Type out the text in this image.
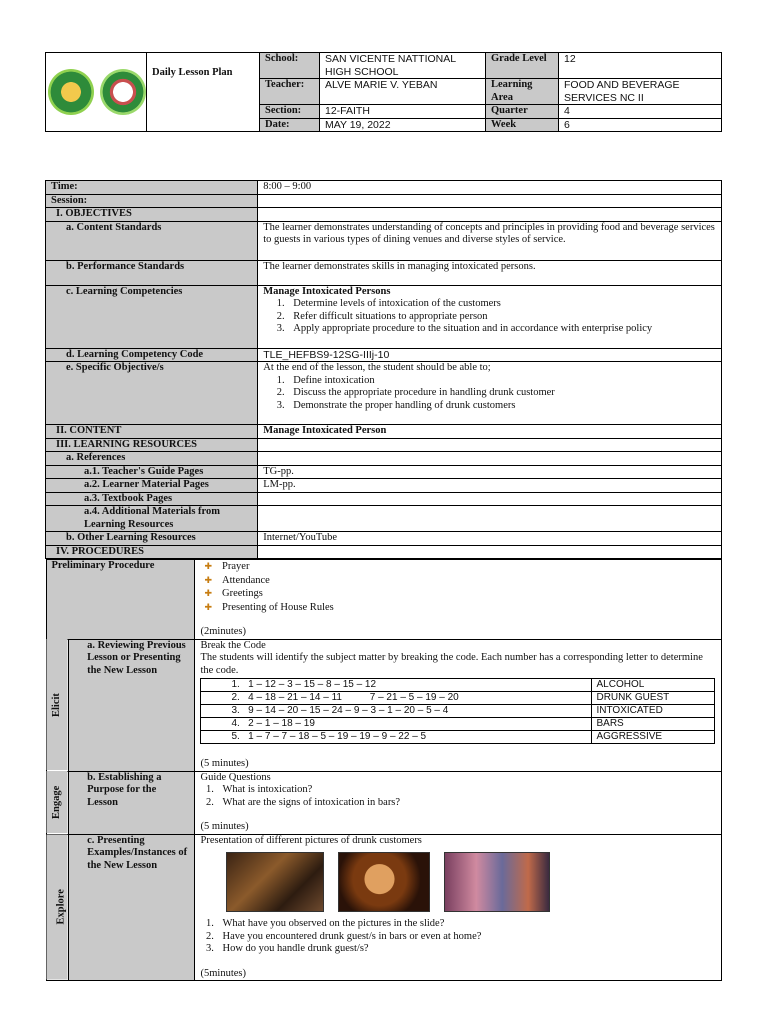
	Daily Lesson Plan	School:	SAN VICENTE NATTIONAL HIGH SCHOOL	Grade Level	12
		Teacher:	ALVE MARIE V. YEBAN	Learning Area	FOOD AND BEVERAGE SERVICES NC II
		Section:	12-FAITH	Quarter	4
		Date:	MAY 19, 2022	Week	6
Time:	8:00 – 9:00
Session:	
I. OBJECTIVES	
a. Content Standards	The learner demonstrates understanding of concepts and principles in providing food and beverage services to guests in various types of dining venues and diverse styles of service.
b. Performance Standards	The learner demonstrates skills in managing intoxicated persons.
c. Learning Competencies	Manage Intoxicated Persons
1. Determine levels of intoxication of the customers
2. Refer difficult situations to appropriate person
3. Apply appropriate procedure to the situation and in accordance with enterprise policy

d. Learning Competency Code	TLE_HEFBS9-12SG-IIIj-10
e. Specific Objective/s	At the end of the lesson, the student should be able to;
1. Define intoxication
2. Discuss the appropriate procedure in handling drunk customer
3. Demonstrate the proper handling of drunk customers

II. CONTENT	Manage Intoxicated Person
III. LEARNING RESOURCES	
a. References	
a.1. Teacher's Guide Pages	TG-pp.
a.2. Learner Material Pages	LM-pp.
a.3. Textbook Pages	
a.4. Additional Materials from Learning Resources	
b. Other Learning Resources	Internet/YouTube
IV. PROCEDURES	

Preliminary Procedure	
✚Prayer
✚ Attendance
✚ Greetings
✚ Presenting of House Rules
(2minutes)

Elicit	a. Reviewing Previous Lesson or Presenting the New Lesson	
Break the Code
The students will identify the subject matter by breaking the code. Each number has a corresponding letter to determine the code.
1. 1 – 12 – 3 – 15 – 8 – 15 – 12	ALCOHOL
2. 4 – 18 – 21 – 14 – 11          7 – 21 – 5 – 19 – 20	DRUNK GUEST
3. 9 – 14 – 20 – 15 – 24 – 9 – 3 – 1 – 20 – 5 – 4	INTOXICATED
4. 2 – 1 – 18 – 19	BARS
5. 1 – 7 – 7 – 18 – 5 – 19 – 19 – 9 – 22 – 5	AGGRESSIVE
(5 minutes)

Engage	b. Establishing a Purpose for the Lesson	
Guide Questions
1. What is intoxication?
2. What are the signs of intoxication in bars?
(5 minutes)

Explore	c. Presenting Examples/Instances of the New Lesson	
Presentation of different pictures of drunk customers
1. What have you observed on the pictures in the slide?
2. Have you encountered drunk guest/s in bars or even at home?
3. How do you handle drunk guest/s?
(5minutes)
